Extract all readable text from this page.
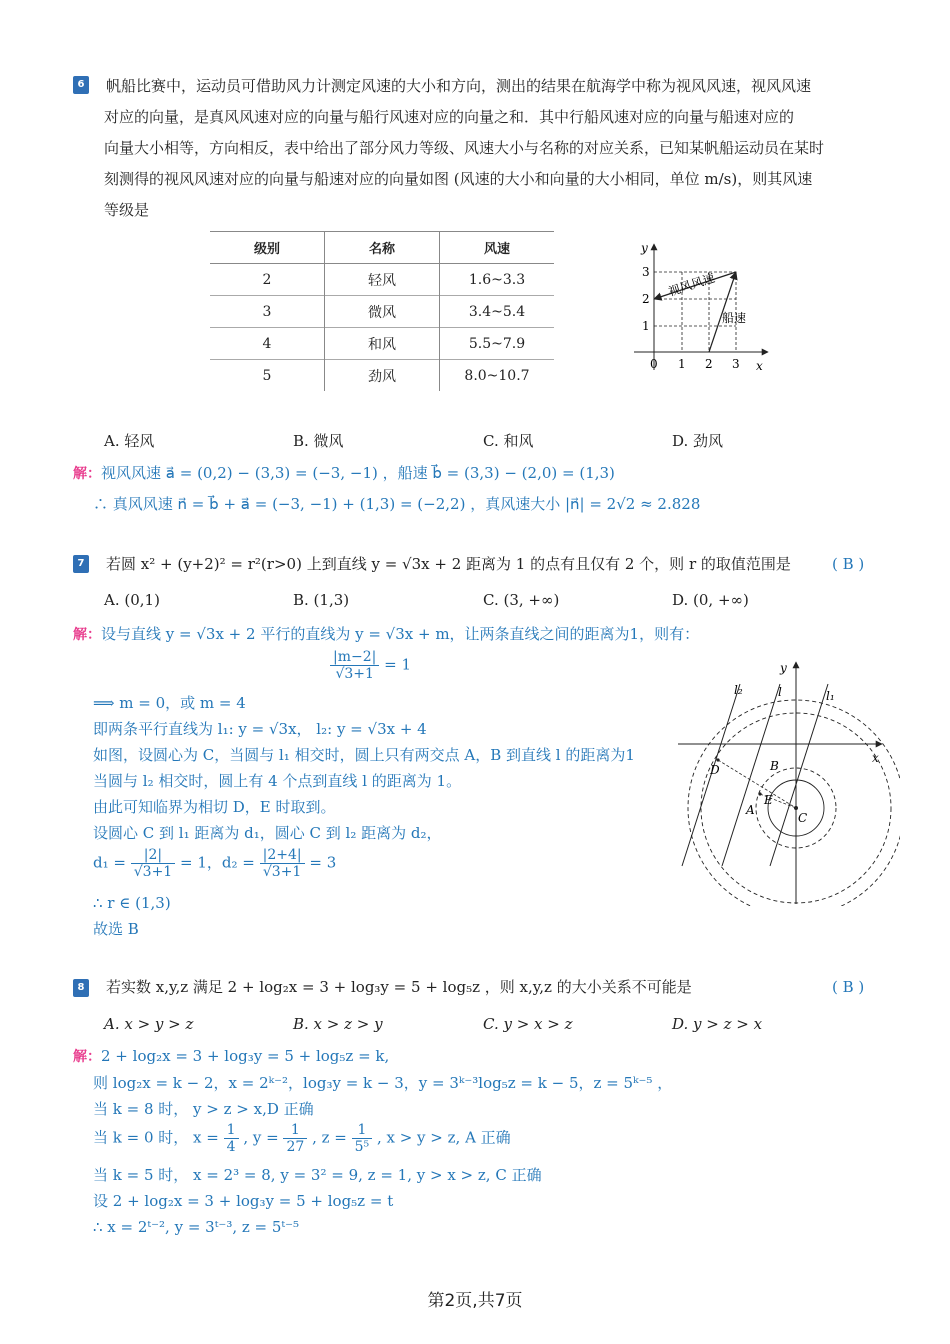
6	帆船比赛中，运动员可借助风力计测定风速的大小和方向，测出的结果在航海学中称为视风风速，视风风速
对应的向量，是真风风速对应的向量与船行风速对应的向量之和．其中行船风速对应的向量与船速对应的
向量大小相等，方向相反，表中给出了部分风力等级、风速大小与名称的对应关系，已知某帆船运动员在某时
刻测得的视风风速对应的向量与船速对应的向量如图 (风速的大小和向量的大小相同，单位 m/s)，则其风速
等级是
级别	名称	风速
2	轻风	1.6~3.3
3	微风	3.4~5.4
4	和风	5.5~7.9
5	劲风	8.0~10.7
y
x
0 1 2 3
1
2
3 视风风速
船速
A. 轻风	B. 微风	C. 和风	D. 劲风
解：视风风速 a⃗ = (0,2) − (3,3) = (−3, −1) ，船速 b⃗ = (3,3) − (2,0) = (1,3)
∴ 真风风速 n⃗ = b⃗ + a⃗ = (−3, −1) + (1,3) = (−2,2) ，真风速大小 |n⃗| = 2√2 ≈ 2.828
7	若圆 x² + (y+2)² = r²(r>0) 上到直线 y = √3x + 2 距离为 1 的点有且仅有 2 个，则 r 的取值范围是	( B )
A. (0,1)	B. (1,3)	C. (3, +∞)	D. (0, +∞)
解：设与直线 y = √3x + 2 平行的直线为 y = √3x + m，让两条直线之间的距离为1，则有：
$\frac{|m-2|}{√3+1} = 1$
⟹ m = 0，或 m = 4
即两条平行直线为 l₁: y = √3x， l₂: y = √3x + 4
如图，设圆心为 C，当圆与 l₁ 相交时，圆上只有两交点 A，B 到直线 l 的距离为1
当圆与 l₂ 相交时，圆上有 4 个点到直线 l 的距离为 1。
由此可知临界为相切 D，E 时取到。
设圆心 C 到 l₁ 距离为 d₁，圆心 C 到 l₂ 距离为 d₂，
$d_1 = \frac{|2|}{√3+1} = 1$，$d_2 = \frac{|2+4|}{√3+1} = 3$
∴ r ∈ (1,3)
故选 B
y
x
l₂	l	l₁
D	B
E
A
C
8	若实数 x,y,z 满足 2 + log₂x = 3 + log₃y = 5 + log₅z ，则 x,y,z 的大小关系不可能是	( B )
A. x > y > z	B. x > z > y	C. y > x > z	D. y > z > x
解：2 + log₂x = 3 + log₃y = 5 + log₅z = k,
则 log₂x = k − 2，x = 2ᵏ⁻²，log₃y = k − 3，y = 3ᵏ⁻³log₅z = k − 5，z = 5ᵏ⁻⁵ ，
当 k = 8 时， y > z > x,D 正确
当 k = 0 时， $x = \frac{1}{4}$ , $y = \frac{1}{27}$ , $z = \frac{1}{\text{5⁵}}$ , x > y > z, A 正确
当 k = 5 时， x = 2³ = 8, y = 3² = 9, z = 1, y > x > z, C 正确
设 2 + log₂x = 3 + log₃y = 5 + log₅z = t
∴ x = 2ᵗ⁻², y = 3ᵗ⁻³, z = 5ᵗ⁻⁵
第2页,共7页
